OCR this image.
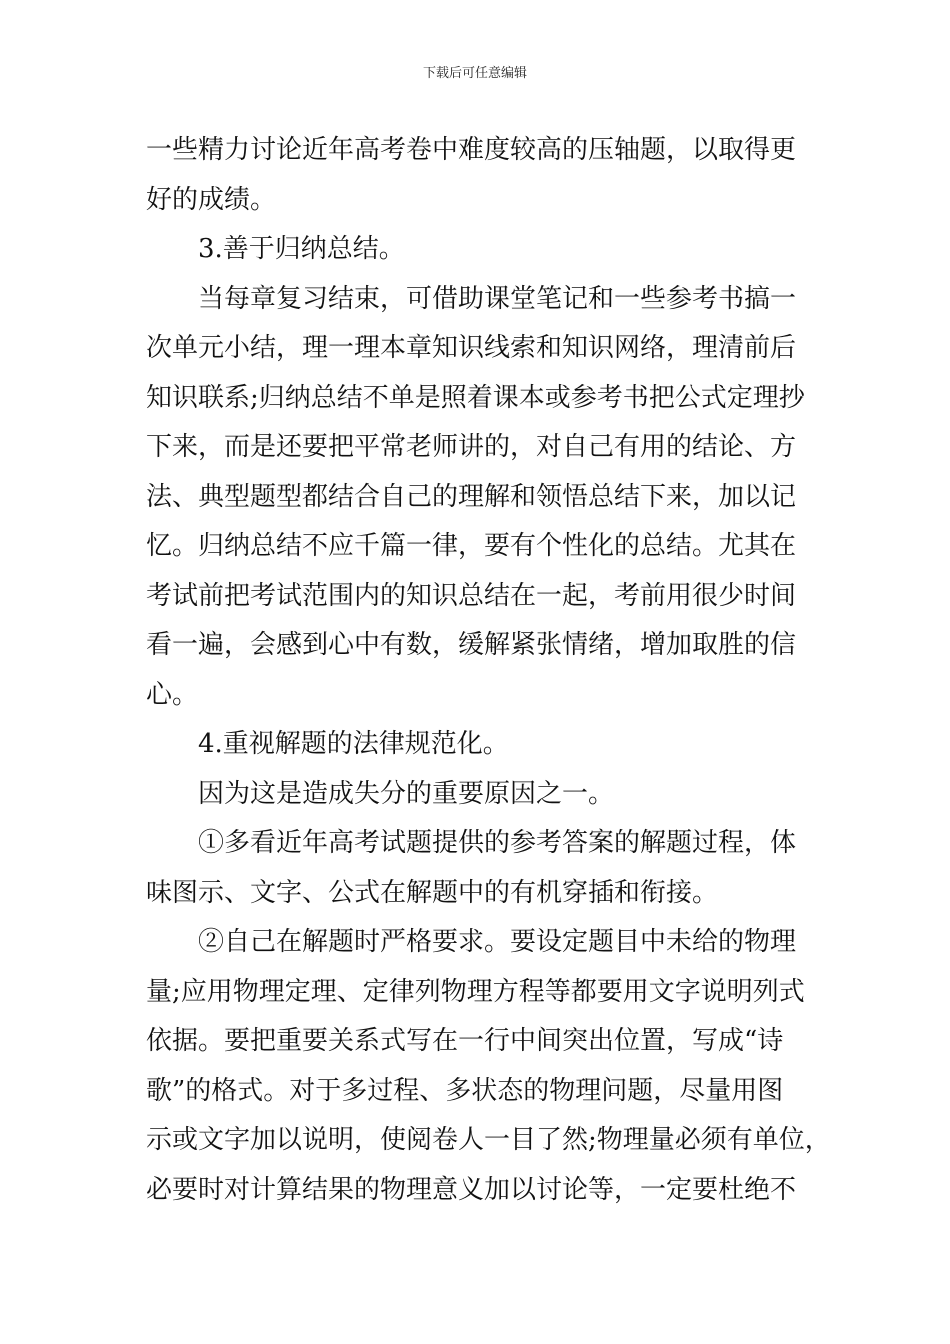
下载后可任意编辑
一些精力讨论近年高考卷中难度较高的压轴题，以取得更
好的成绩。
3.善于归纳总结。
当每章复习结束，可借助课堂笔记和一些参考书搞一
次单元小结，理一理本章知识线索和知识网络，理清前后
知识联系;归纳总结不单是照着课本或参考书把公式定理抄
下来，而是还要把平常老师讲的，对自己有用的结论、方
法、典型题型都结合自己的理解和领悟总结下来，加以记
忆。归纳总结不应千篇一律，要有个性化的总结。尤其在
考试前把考试范围内的知识总结在一起，考前用很少时间
看一遍，会感到心中有数，缓解紧张情绪，增加取胜的信
心。
4.重视解题的法律规范化。
因为这是造成失分的重要原因之一。
①多看近年高考试题提供的参考答案的解题过程，体
味图示、文字、公式在解题中的有机穿插和衔接。
②自己在解题时严格要求。要设定题目中未给的物理
量;应用物理定理、定律列物理方程等都要用文字说明列式
依据。要把重要关系式写在一行中间突出位置，写成“诗
歌”的格式。对于多过程、多状态的物理问题，尽量用图
示或文字加以说明，使阅卷人一目了然;物理量必须有单位，
必要时对计算结果的物理意义加以讨论等，一定要杜绝不
